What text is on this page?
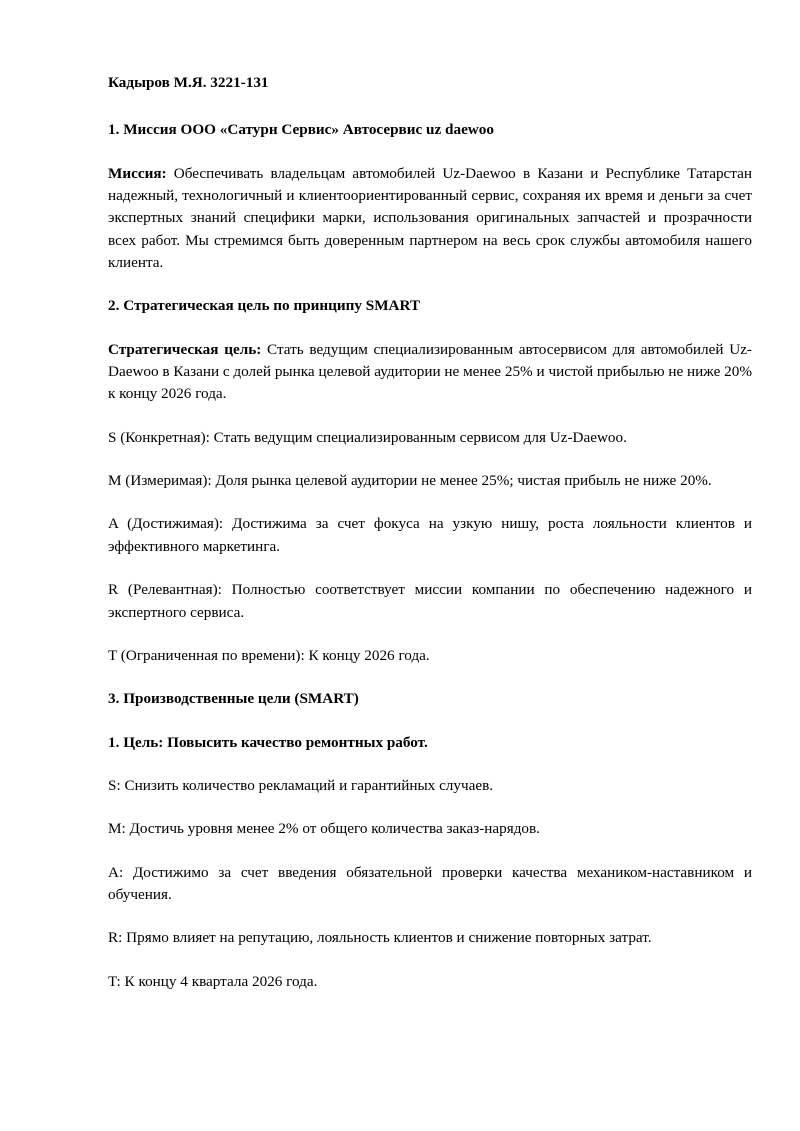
Кадыров М.Я. 3221-131

1. Миссия ООО «Сатурн Сервис» Автосервис uz daewoo

Миссия: Обеспечивать владельцам автомобилей Uz-Daewoo в Казани и Республике Татарстан надежный, технологичный и клиентоориентированный сервис, сохраняя их время и деньги за счет экспертных знаний специфики марки, использования оригинальных запчастей и прозрачности всех работ. Мы стремимся быть доверенным партнером на весь срок службы автомобиля нашего клиента.

2. Стратегическая цель по принципу SMART

Стратегическая цель: Стать ведущим специализированным автосервисом для автомобилей Uz-Daewoo в Казани с долей рынка целевой аудитории не менее 25% и чистой прибылью не ниже 20% к концу 2026 года.

S (Конкретная): Стать ведущим специализированным сервисом для Uz-Daewoo.

M (Измеримая): Доля рынка целевой аудитории не менее 25%; чистая прибыль не ниже 20%.

A (Достижимая): Достижима за счет фокуса на узкую нишу, роста лояльности клиентов и эффективного маркетинга.

R (Релевантная): Полностью соответствует миссии компании по обеспечению надежного и экспертного сервиса.

T (Ограниченная по времени): К концу 2026 года.

3. Производственные цели (SMART)

1. Цель: Повысить качество ремонтных работ.

S: Снизить количество рекламаций и гарантийных случаев.

M: Достичь уровня менее 2% от общего количества заказ-нарядов.

A: Достижимо за счет введения обязательной проверки качества механиком-наставником и обучения.

R: Прямо влияет на репутацию, лояльность клиентов и снижение повторных затрат.

T: К концу 4 квартала 2026 года.
